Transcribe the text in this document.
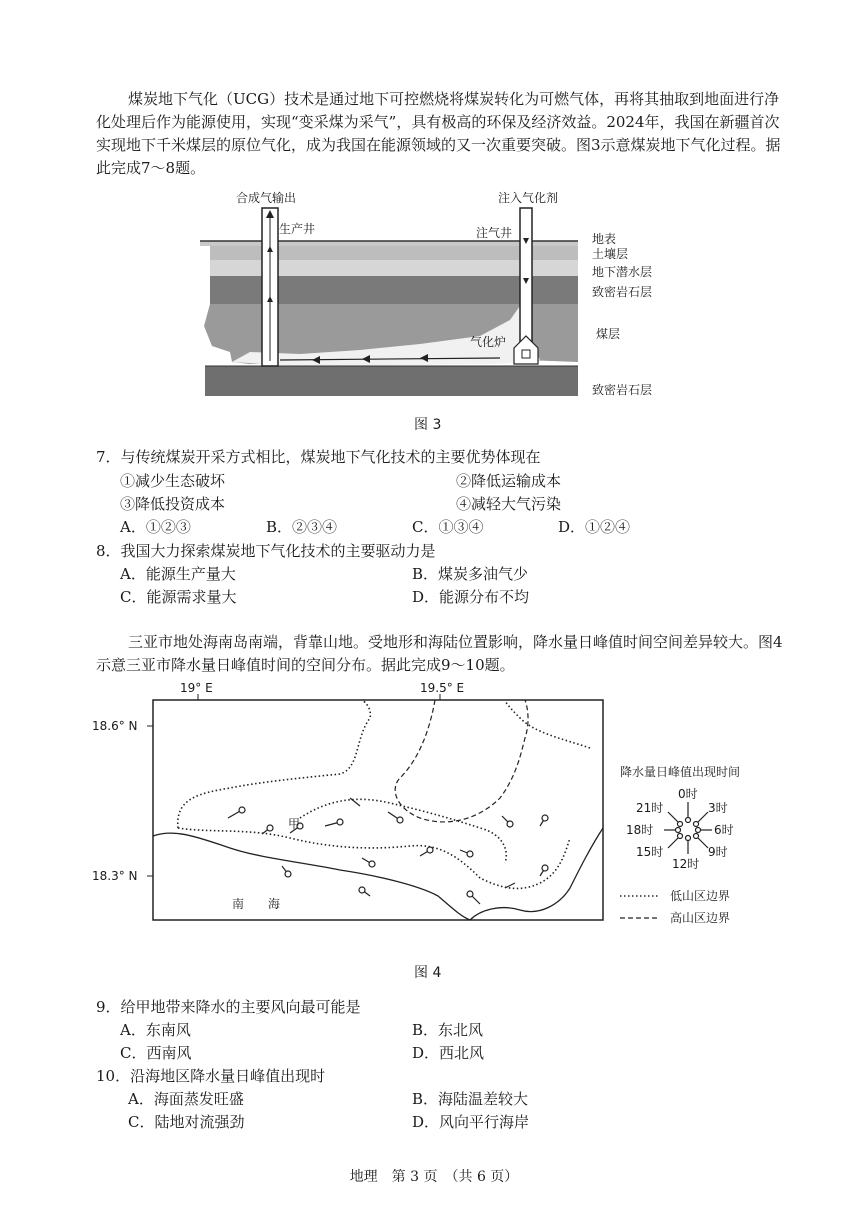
煤炭地下气化（UCG）技术是通过地下可控燃烧将煤炭转化为可燃气体，再将其抽取到地面进行净化处理后作为能源使用，实现“变采煤为采气”，具有极高的环保及经济效益。2024年，我国在新疆首次实现地下千米煤层的原位气化，成为我国在能源领域的又一次重要突破。图3示意煤炭地下气化过程。据此完成7～8题。
合成气输出	注入气化剂
生产井	注气井
气化炉
地表
土壤层
地下潜水层
致密岩石层
煤层
致密岩石层
图 3
7．与传统煤炭开采方式相比，煤炭地下气化技术的主要优势体现在
①减少生态破坏	②降低运输成本
③降低投资成本	④减轻大气污染
A．①②③	B．②③④	C．①③④	D．①②④
8．我国大力探索煤炭地下气化技术的主要驱动力是
A．能源生产量大	B．煤炭多油气少
C．能源需求量大	D．能源分布不均
三亚市地处海南岛南端，背靠山地。受地形和海陆位置影响，降水量日峰值时间空间差异较大。图4示意三亚市降水量日峰值时间的空间分布。据此完成9～10题。
19° E	19.5° E
18.6° N
18.3° N
甲
南　　海
降水量日峰值出现时间
0时
3时
6时
9时
12时
15时
18时
21时
低山区边界
高山区边界
图 4
9．给甲地带来降水的主要风向最可能是
A．东南风	B．东北风
C．西南风	D．西北风
10．沿海地区降水量日峰值出现时
A．海面蒸发旺盛	B．海陆温差较大
C．陆地对流强劲	D．风向平行海岸
地理　第 3 页　（共 6 页）
